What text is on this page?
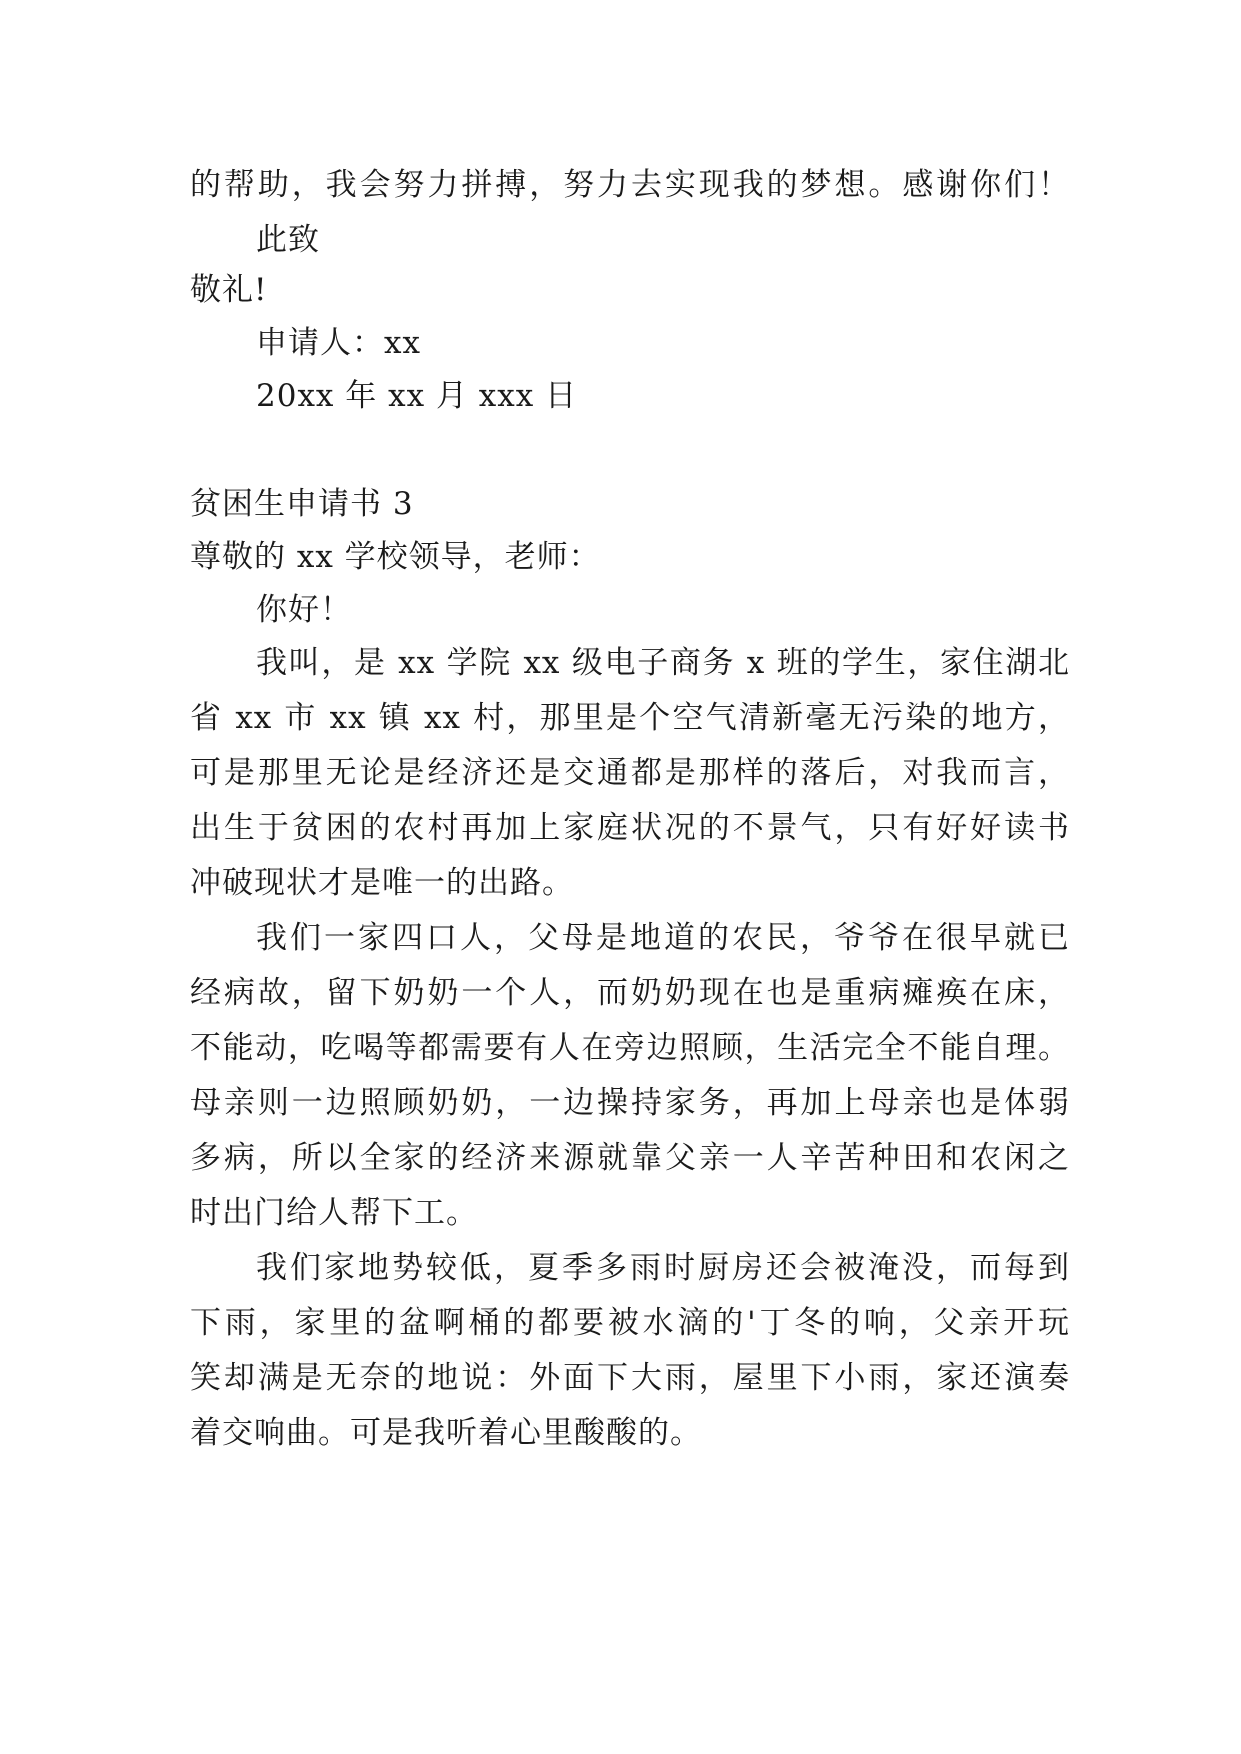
的帮助，我会努力拼搏，努力去实现我的梦想。感谢你们！
此致
敬礼!
申请人：xx
20xx 年 xx 月 xxx 日
贫困生申请书 3
尊敬的 xx 学校领导，老师：
你好！
我叫，是 xx 学院 xx 级电子商务 x 班的学生，家住湖北
省 xx 市 xx 镇 xx 村，那里是个空气清新毫无污染的地方，
可是那里无论是经济还是交通都是那样的落后，对我而言，
出生于贫困的农村再加上家庭状况的不景气，只有好好读书
冲破现状才是唯一的出路。
我们一家四口人，父母是地道的农民，爷爷在很早就已
经病故，留下奶奶一个人，而奶奶现在也是重病瘫痪在床，
不能动，吃喝等都需要有人在旁边照顾，生活完全不能自理。
母亲则一边照顾奶奶，一边操持家务，再加上母亲也是体弱
多病，所以全家的经济来源就靠父亲一人辛苦种田和农闲之
时出门给人帮下工。
我们家地势较低，夏季多雨时厨房还会被淹没，而每到
下雨，家里的盆啊桶的都要被水滴的'丁冬的响，父亲开玩
笑却满是无奈的地说：外面下大雨，屋里下小雨，家还演奏
着交响曲。可是我听着心里酸酸的。
